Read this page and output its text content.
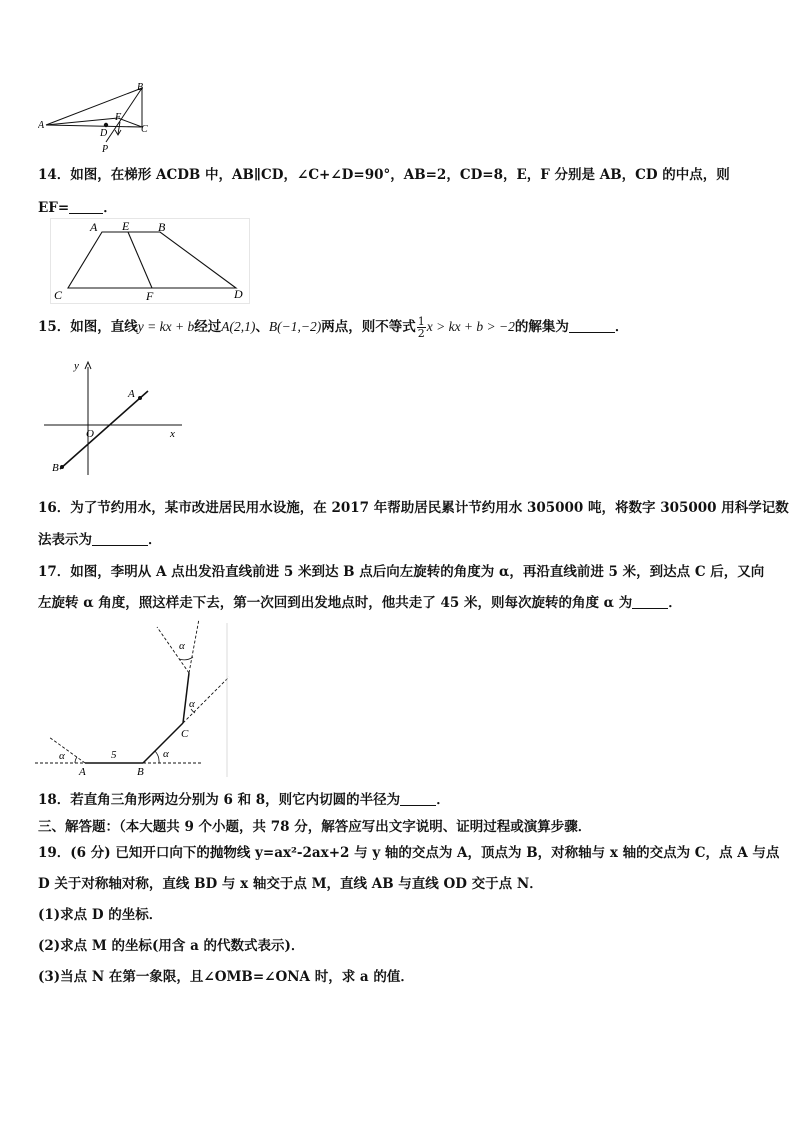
B
A
F
D	C
P
14．如图，在梯形 ACDB 中，AB∥CD，∠C+∠D=90°，AB=2，CD=8，E，F 分别是 AB，CD 的中点，则
EF=	．
A E B
C	F	D
15．如图，直线y = kx + b经过A(2,1)、B(−1,−2)两点，则不等式 $\frac{1}{2}$ x > kx + b > −2的解集为	．
y
x
O
A
B
16．为了节约用水，某市改进居民用水设施，在 2017 年帮助居民累计节约用水 305000 吨，将数字 305000 用科学记数
法表示为	．
17．如图，李明从 A 点出发沿直线前进 5 米到达 B 点后向左旋转的角度为 α，再沿直线前进 5 米，到达点 C 后，又向
左旋转 α 角度，照这样走下去，第一次回到出发地点时，他共走了 45 米，则每次旋转的角度 α 为	．
α	α
α
α
5
A	B
C
18．若直角三角形两边分别为 6 和 8，则它内切圆的半径为	．
三、解答题：（本大题共 9 个小题，共 78 分，解答应写出文字说明、证明过程或演算步骤．
19．(6 分) 已知开口向下的抛物线 y=ax²-2ax+2 与 y 轴的交点为 A，顶点为 B，对称轴与 x 轴的交点为 C，点 A 与点
D 关于对称轴对称，直线 BD 与 x 轴交于点 M，直线 AB 与直线 OD 交于点 N．
(1)求点 D 的坐标．
(2)求点 M 的坐标(用含 a 的代数式表示)．
(3)当点 N 在第一象限，且∠OMB=∠ONA 时，求 a 的值．
